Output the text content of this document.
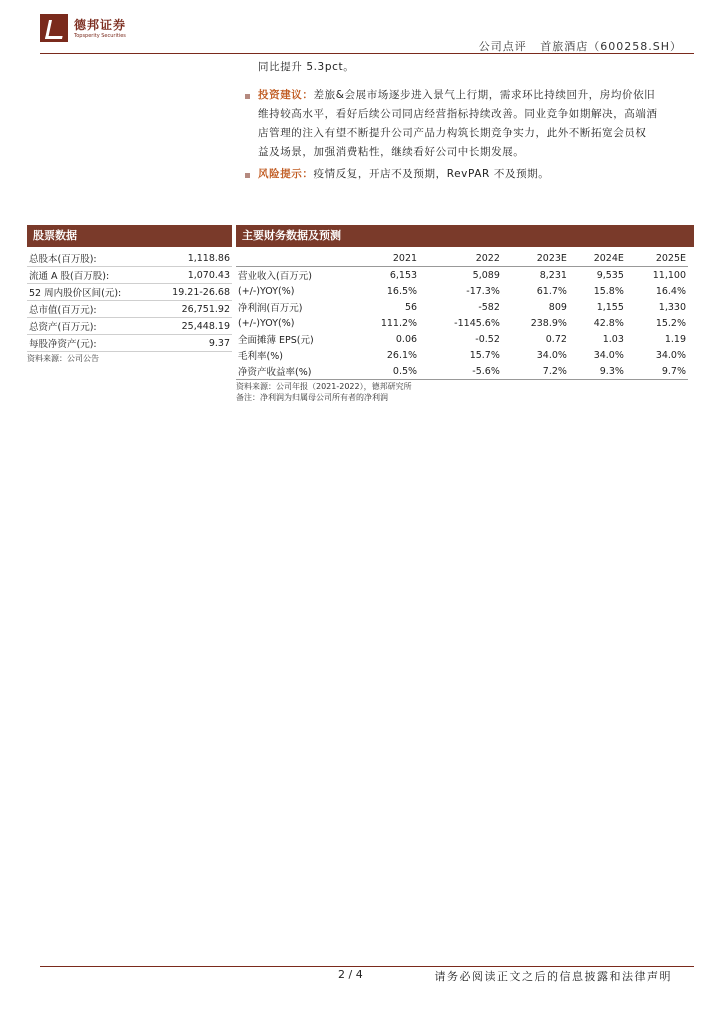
德邦证券
Topsperity Securities
公司点评 首旅酒店（600258.SH）
同比提升 5.3pct。
投资建议：差旅&会展市场逐步进入景气上行期，需求环比持续回升，房均价依旧
维持较高水平，看好后续公司同店经营指标持续改善。同业竞争如期解决，高端酒
店管理的注入有望不断提升公司产品力构筑长期竞争实力，此外不断拓宽会员权
益及场景，加强消费粘性，继续看好公司中长期发展。
风险提示：疫情反复，开店不及预期，RevPAR 不及预期。
股票数据
总股本(百万股):	1,118.86
流通 A 股(百万股):	1,070.43
52 周内股价区间(元):	19.21-26.68
总市值(百万元):	26,751.92
总资产(百万元):	25,448.19
每股净资产(元):	9.37
资料来源：公司公告
主要财务数据及预测
	2021	2022	2023E	2024E	2025E
营业收入(百万元)	6,153	5,089	8,231	9,535	11,100
(+/-)YOY(%)	16.5%	-17.3%	61.7%	15.8%	16.4%
净利润(百万元)	56	-582	809	1,155	1,330
(+/-)YOY(%)	111.2%	-1145.6%	238.9%	42.8%	15.2%
全面摊薄 EPS(元)	0.06	-0.52	0.72	1.03	1.19
毛利率(%)	26.1%	15.7%	34.0%	34.0%	34.0%
净资产收益率(%)	0.5%	-5.6%	7.2%	9.3%	9.7%
资料来源：公司年报（2021-2022），德邦研究所
备注：净利润为归属母公司所有者的净利润
2 / 4	请务必阅读正文之后的信息披露和法律声明
